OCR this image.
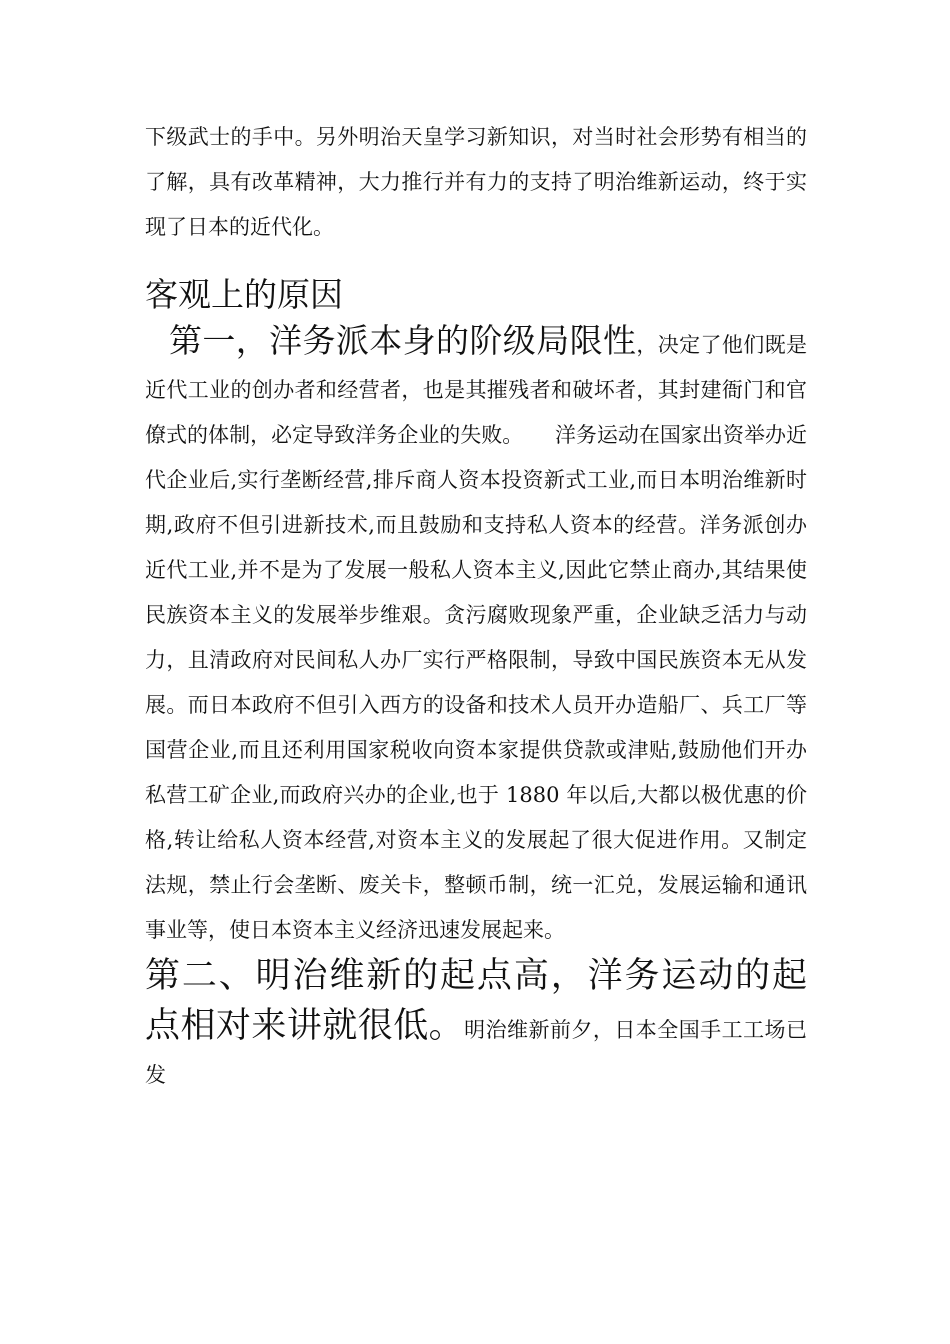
下级武士的手中。另外明治天皇学习新知识，对当时社会形势有相当的了解，具有改革精神，大力推行并有力的支持了明治维新运动，终于实现了日本的近代化。

客观上的原因

第一，洋务派本身的阶级局限性，决定了他们既是近代工业的创办者和经营者，也是其摧残者和破坏者，其封建衙门和官僚式的体制，必定导致洋务企业的失败。　　洋务运动在国家出资举办近代企业后,实行垄断经营,排斥商人资本投资新式工业,而日本明治维新时期,政府不但引进新技术,而且鼓励和支持私人资本的经营。洋务派创办近代工业,并不是为了发展一般私人资本主义,因此它禁止商办,其结果使民族资本主义的发展举步维艰。贪污腐败现象严重，企业缺乏活力与动力，且清政府对民间私人办厂实行严格限制，导致中国民族资本无从发展。而日本政府不但引入西方的设备和技术人员开办造船厂、兵工厂等国营企业,而且还利用国家税收向资本家提供贷款或津贴,鼓励他们开办私营工矿企业,而政府兴办的企业,也于 1880 年以后,大都以极优惠的价格,转让给私人资本经营,对资本主义的发展起了很大促进作用。又制定法规，禁止行会垄断、废关卡，整顿币制，统一汇兑，发展运输和通讯事业等，使日本资本主义经济迅速发展起来。

第二、明治维新的起点高，洋务运动的起点相对来讲就很低。明治维新前夕，日本全国手工工场已发
